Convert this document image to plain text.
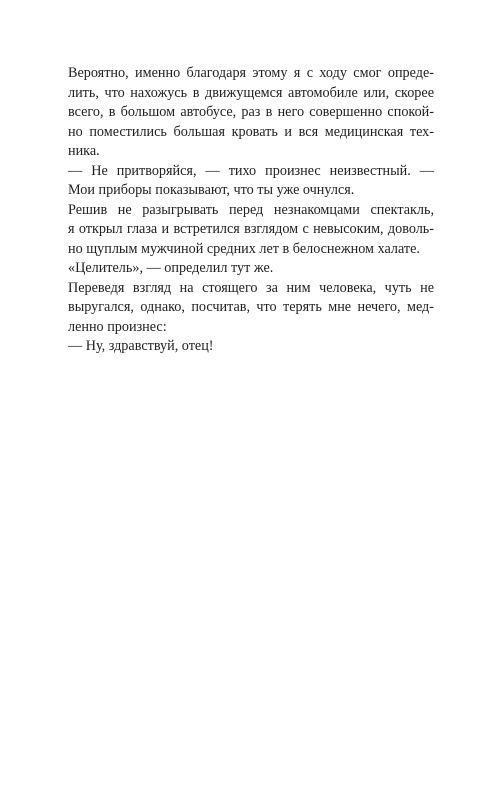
Вероятно, именно благодаря этому я с ходу смог опреде-
лить, что нахожусь в движущемся автомобиле или, скорее
всего, в большом автобусе, раз в него совершенно спокой-
но поместились большая кровать и вся медицинская тех-
ника.
— Не притворяйся, — тихо произнес неизвестный. —
Мои приборы показывают, что ты уже очнулся.
Решив не разыгрывать перед незнакомцами спектакль,
я открыл глаза и встретился взглядом с невысоким, доволь-
но щуплым мужчиной средних лет в белоснежном халате.
«Целитель», — определил тут же.
Переведя взгляд на стоящего за ним человека, чуть не
выругался, однако, посчитав, что терять мне нечего, мед-
ленно произнес:
— Ну, здравствуй, отец!
